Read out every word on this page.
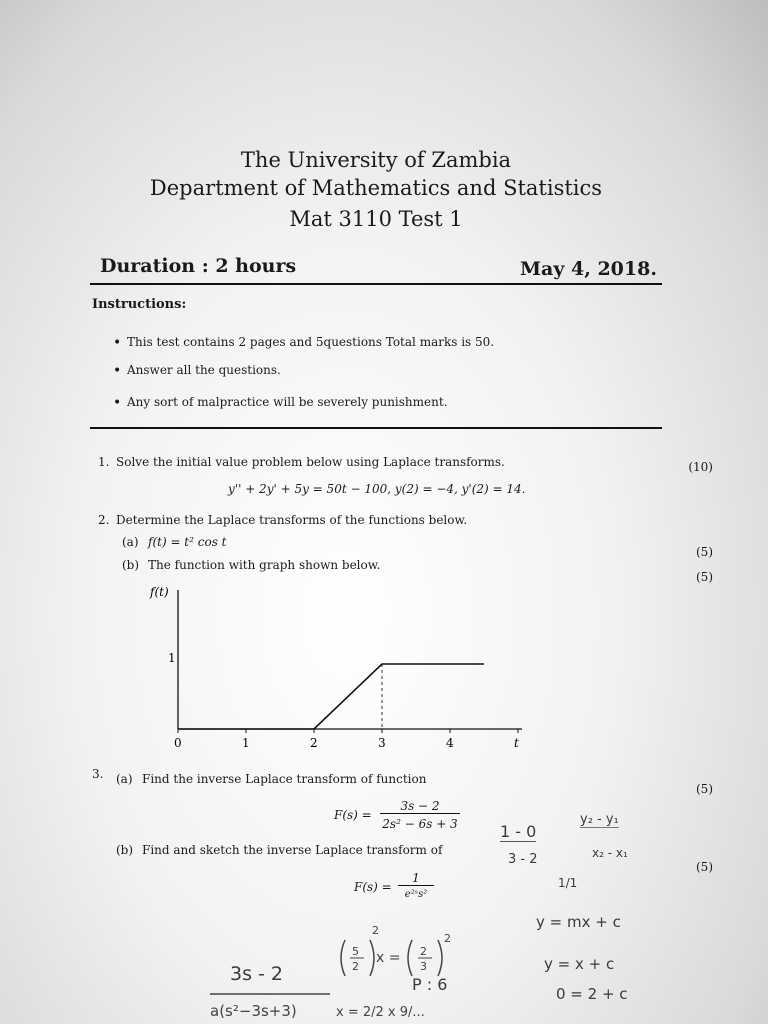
The University of Zambia
Department of Mathematics and Statistics
Mat 3110 Test 1
Duration : 2 hours	May 4, 2018.
Instructions:
• This test contains 2 pages and 5questions Total marks is 50.
• Answer all the questions.
• Any sort of malpractice will be severely punishment.
1. Solve the initial value problem below using Laplace transforms.	(10)
y'' + 2y' + 5y = 50t − 100, y(2) = −4, y'(2) = 14.
2. Determine the Laplace transforms of the functions below.
(a) f(t) = t² cos t
(5)
(b) The function with graph shown below.
(5)
f(t)
1
0	1	2	3	4	t
3. (a) Find the inverse Laplace transform of function
(5)
F(s) =
3s − 2
2s² − 6s + 3
(b) Find and sketch the inverse Laplace transform of
(5)
F(s) =
1
e²ˢs²
1 - 0
3 - 2
y₂ - y₁
x₂ - x₁
1/1
y = mx + c
y = x + c
0 = 2 + c
3s - 2	P : 6
5
2
x = 2
3
2
2
a(s²−3s+3)	x = 2/2 x 9/...
